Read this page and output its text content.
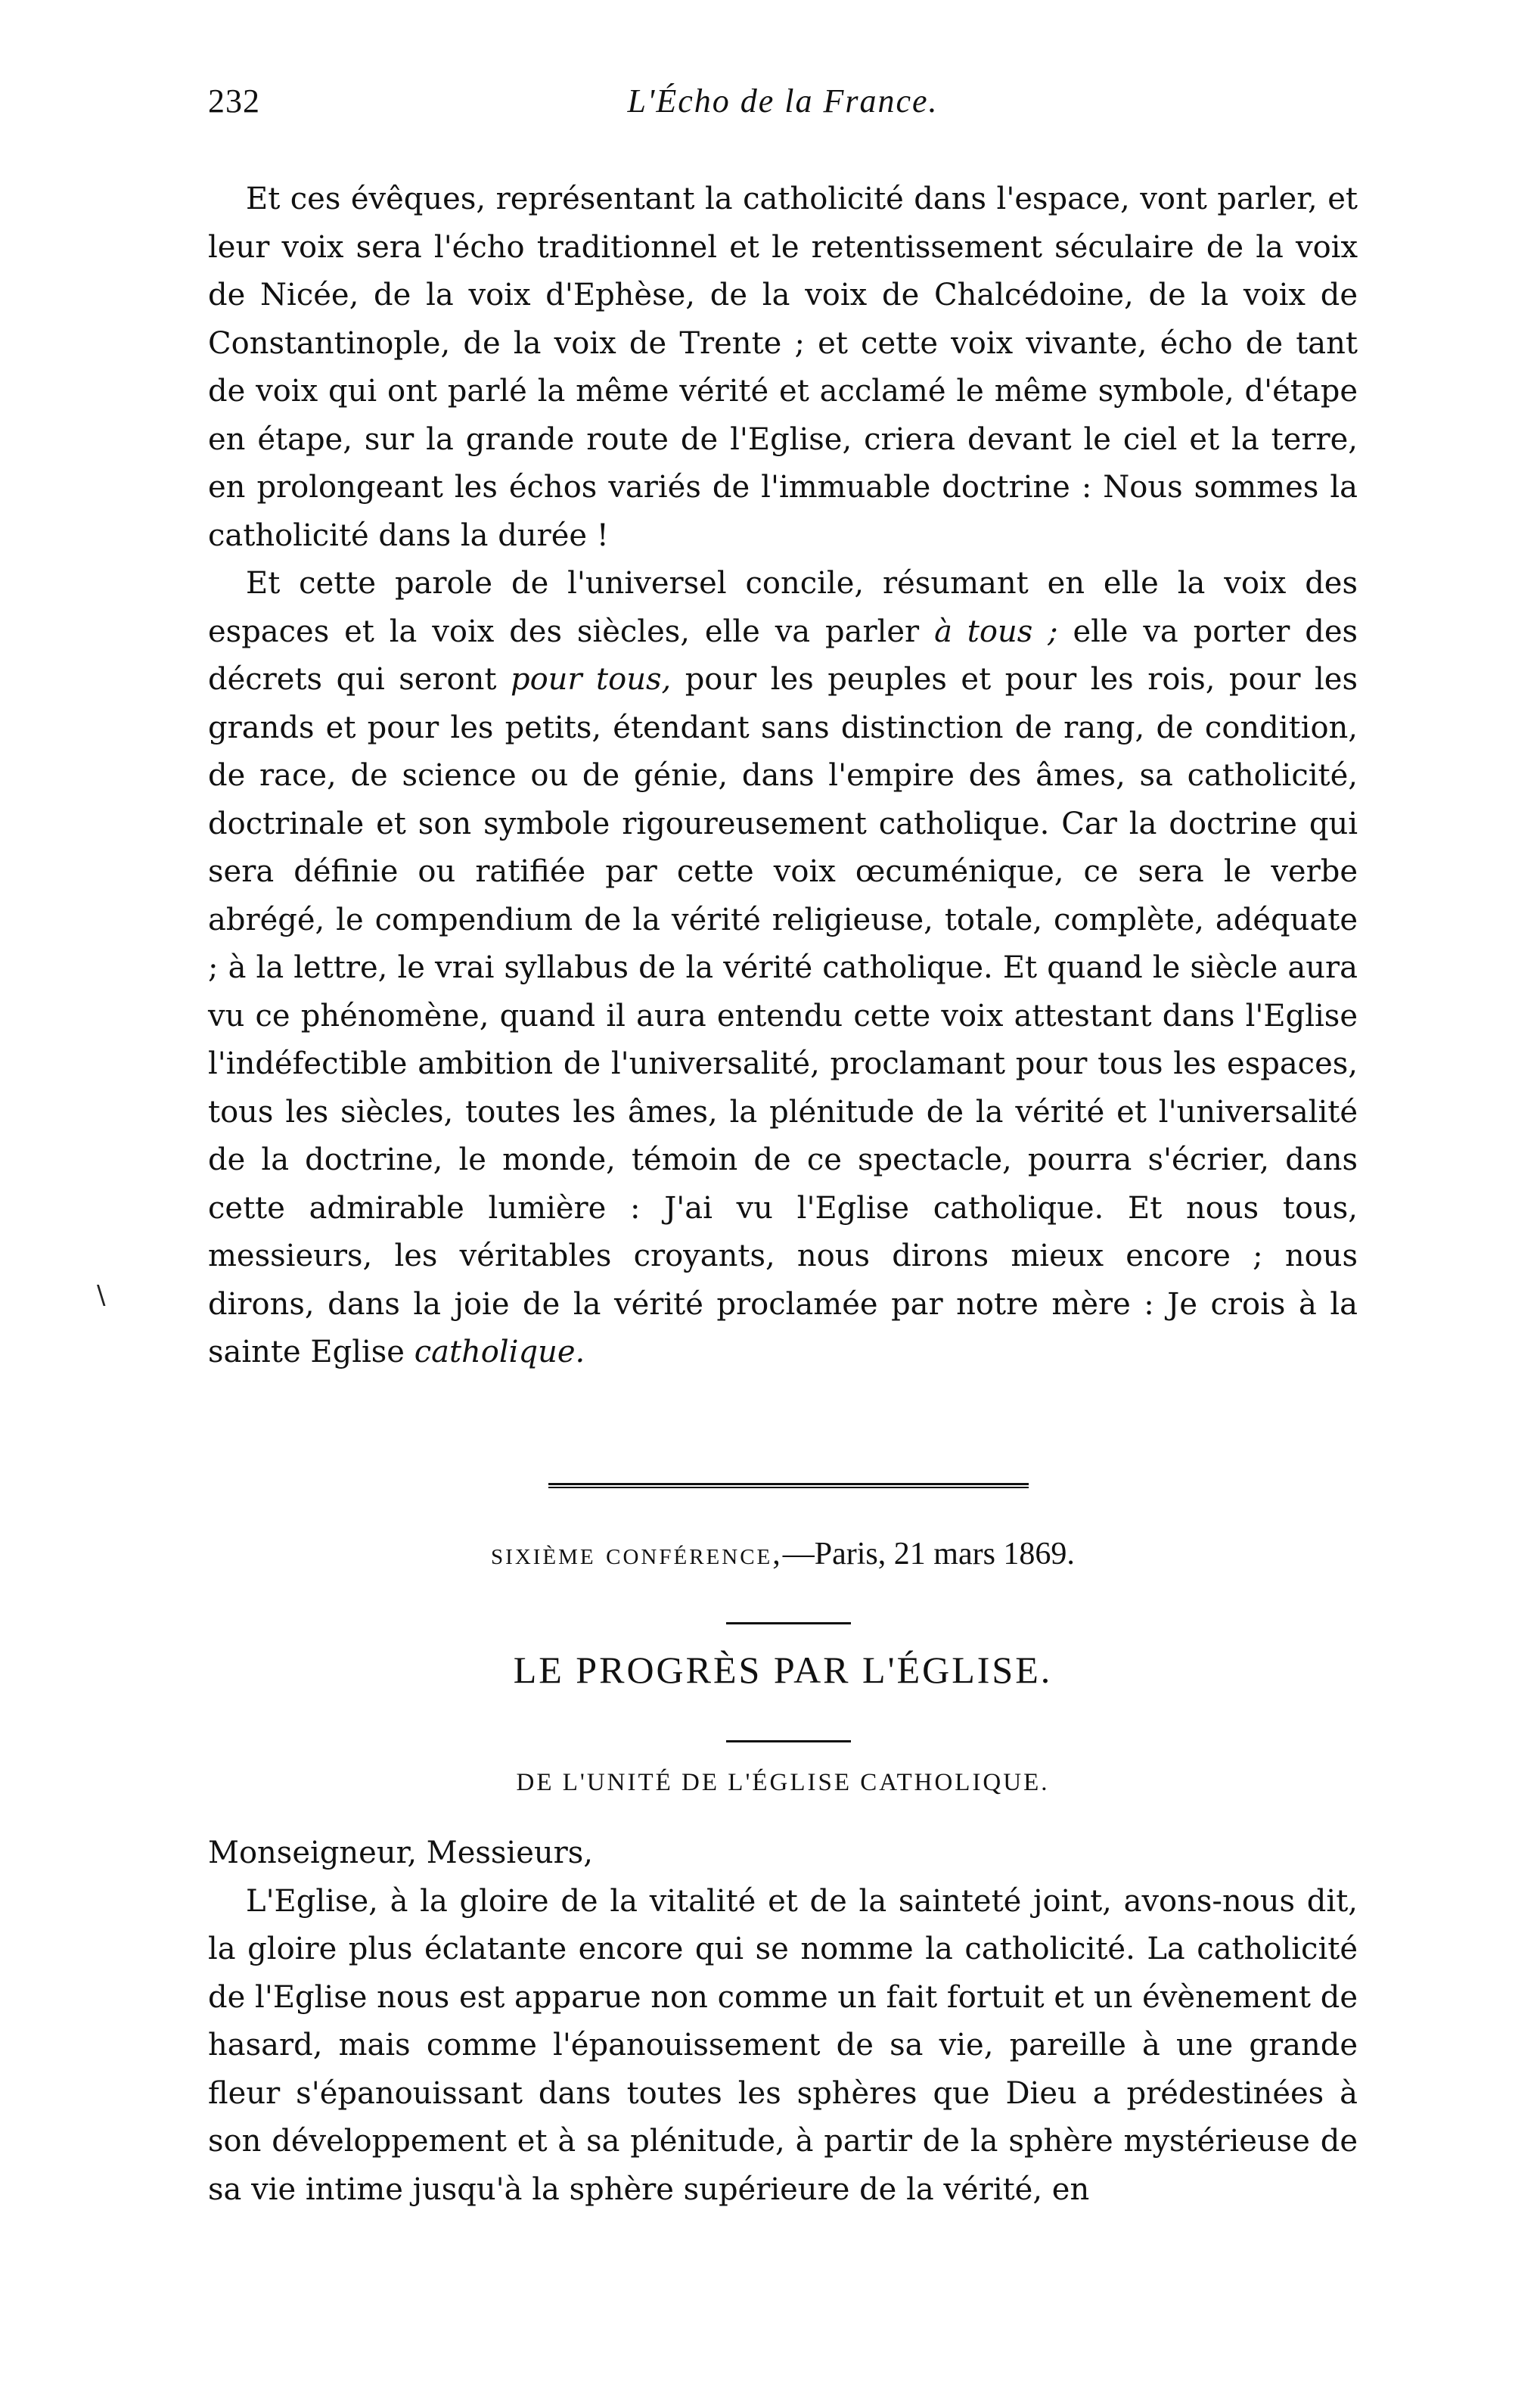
232	L'Écho de la France.

Et ces évêques, représentant la catholicité dans l'espace, vont parler, et leur voix sera l'écho traditionnel et le retentissement séculaire de la voix de Nicée, de la voix d'Ephèse, de la voix de Chalcédoine, de la voix de Constantinople, de la voix de Trente ; et cette voix vivante, écho de tant de voix qui ont parlé la même vérité et acclamé le même symbole, d'étape en étape, sur la grande route de l'Eglise, criera devant le ciel et la terre, en prolongeant les échos variés de l'immuable doctrine : Nous sommes la catholicité dans la durée !

Et cette parole de l'universel concile, résumant en elle la voix des espaces et la voix des siècles, elle va parler à tous ; elle va porter des décrets qui seront pour tous, pour les peuples et pour les rois, pour les grands et pour les petits, étendant sans distinction de rang, de condition, de race, de science ou de génie, dans l'empire des âmes, sa catholicité, doctrinale et son symbole rigoureusement catholique. Car la doctrine qui sera définie ou ratifiée par cette voix œcuménique, ce sera le verbe abrégé, le compendium de la vérité religieuse, totale, complète, adéquate ; à la lettre, le vrai syllabus de la vérité catholique. Et quand le siècle aura vu ce phénomène, quand il aura entendu cette voix attestant dans l'Eglise l'indéfectible ambition de l'universalité, proclamant pour tous les espaces, tous les siècles, toutes les âmes, la plénitude de la vérité et l'universalité de la doctrine, le monde, témoin de ce spectacle, pourra s'écrier, dans cette admirable lumière : J'ai vu l'Eglise catholique. Et nous tous, messieurs, les véritables croyants, nous dirons mieux encore ; nous dirons, dans la joie de la vérité proclamée par notre mère : Je crois à la sainte Eglise catholique.

\
sixième conférence,—Paris, 21 mars 1869.
LE PROGRÈS PAR L'ÉGLISE.
DE L'UNITÉ DE L'ÉGLISE CATHOLIQUE.

Monseigneur, Messieurs,

L'Eglise, à la gloire de la vitalité et de la sainteté joint, avons-nous dit, la gloire plus éclatante encore qui se nomme la catholicité. La catholicité de l'Eglise nous est apparue non comme un fait fortuit et un évènement de hasard, mais comme l'épanouissement de sa vie, pareille à une grande fleur s'épanouissant dans toutes les sphères que Dieu a prédestinées à son développement et à sa plénitude, à partir de la sphère mystérieuse de sa vie intime jusqu'à la sphère supérieure de la vérité, en
